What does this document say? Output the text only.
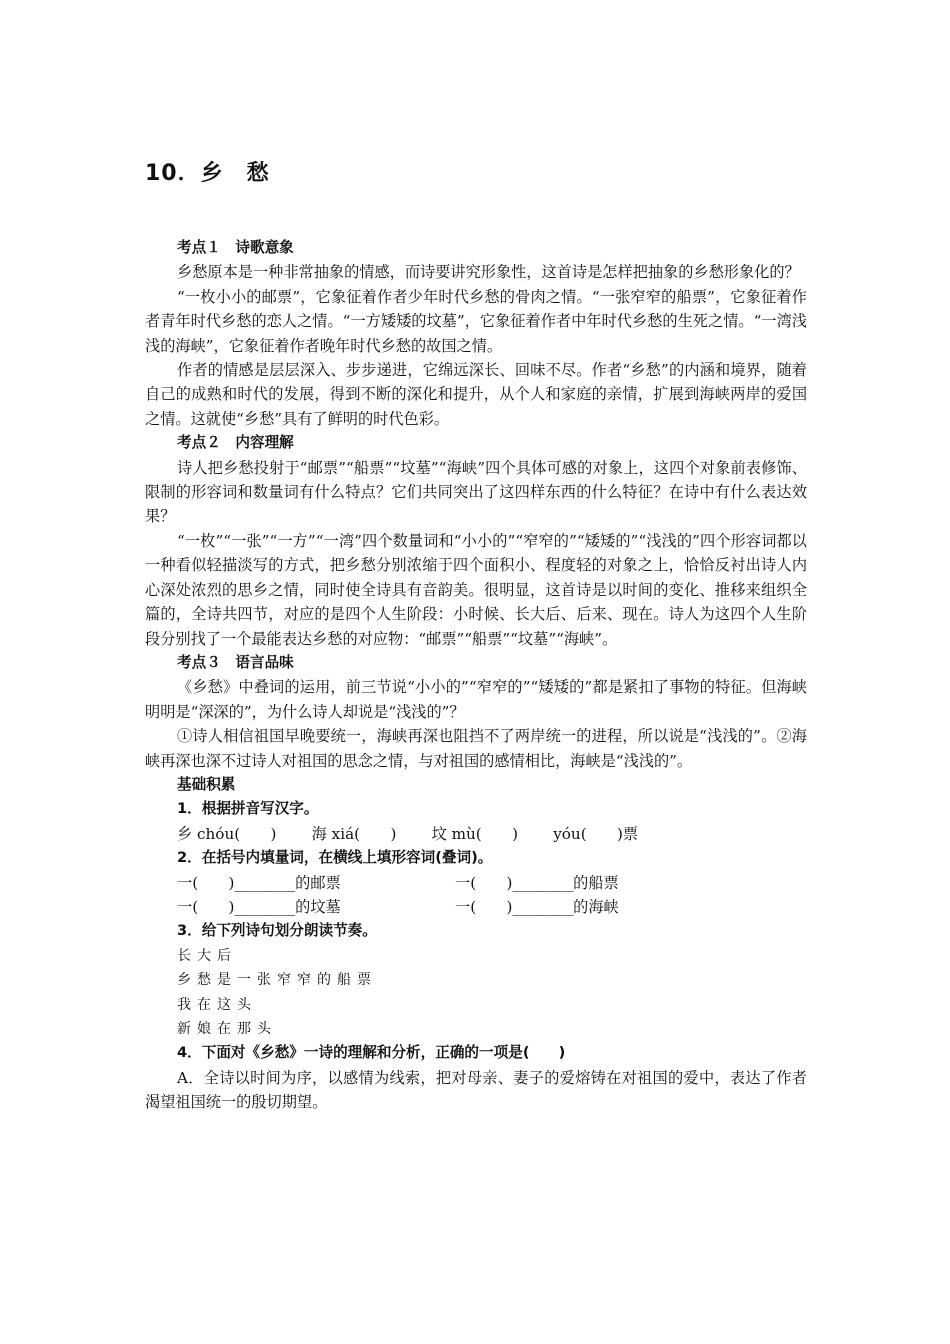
10．乡　愁

考点１　诗歌意象

乡愁原本是一种非常抽象的情感，而诗要讲究形象性，这首诗是怎样把抽象的乡愁形象化的？

“一枚小小的邮票”，它象征着作者少年时代乡愁的骨肉之情。“一张窄窄的船票”，它象征着作者青年时代乡愁的恋人之情。“一方矮矮的坟墓”，它象征着作者中年时代乡愁的生死之情。“一湾浅浅的海峡”，它象征着作者晚年时代乡愁的故国之情。

作者的情感是层层深入、步步递进，它绵远深长、回味不尽。作者“乡愁”的内涵和境界，随着自己的成熟和时代的发展，得到不断的深化和提升，从个人和家庭的亲情，扩展到海峡两岸的爱国之情。这就使“乡愁”具有了鲜明的时代色彩。

考点２　内容理解

诗人把乡愁投射于“邮票”“船票”“坟墓”“海峡”四个具体可感的对象上，这四个对象前表修饰、限制的形容词和数量词有什么特点？它们共同突出了这四样东西的什么特征？在诗中有什么表达效果？

“一枚”“一张”“一方”“一湾”四个数量词和“小小的”“窄窄的”“矮矮的”“浅浅的”四个形容词都以一种看似轻描淡写的方式，把乡愁分别浓缩于四个面积小、程度轻的对象之上，恰恰反衬出诗人内心深处浓烈的思乡之情，同时使全诗具有音韵美。很明显，这首诗是以时间的变化、推移来组织全篇的，全诗共四节，对应的是四个人生阶段：小时候、长大后、后来、现在。诗人为这四个人生阶段分别找了一个最能表达乡愁的对应物：“邮票”“船票”“坟墓”“海峡”。

考点３　语言品味

《乡愁》中叠词的运用，前三节说“小小的”“窄窄的”“矮矮的”都是紧扣了事物的特征。但海峡明明是“深深的”，为什么诗人却说是“浅浅的”？

①诗人相信祖国早晚要统一，海峡再深也阻挡不了两岸统一的进程，所以说是“浅浅的”。②海峡再深也深不过诗人对祖国的思念之情，与对祖国的感情相比，海峡是“浅浅的”。

基础积累

1．根据拼音写汉字。

乡 chóu(　　)　　 海 xiá(　　)　　 坟 mù(　　)　　 yóu(　　)票

2．在括号内填量词，在横线上填形容词(叠词)。

一(　　)________的邮票	一(　　)________的船票
一(　　)________的坟墓	一(　　)________的海峡

3．给下列诗句划分朗读节奏。

长大后

乡愁是一张窄窄的船票

我在这头

新娘在那头

4．下面对《乡愁》一诗的理解和分析，正确的一项是(　　)

A．全诗以时间为序，以感情为线索，把对母亲、妻子的爱熔铸在对祖国的爱中，表达了作者渴望祖国统一的殷切期望。
